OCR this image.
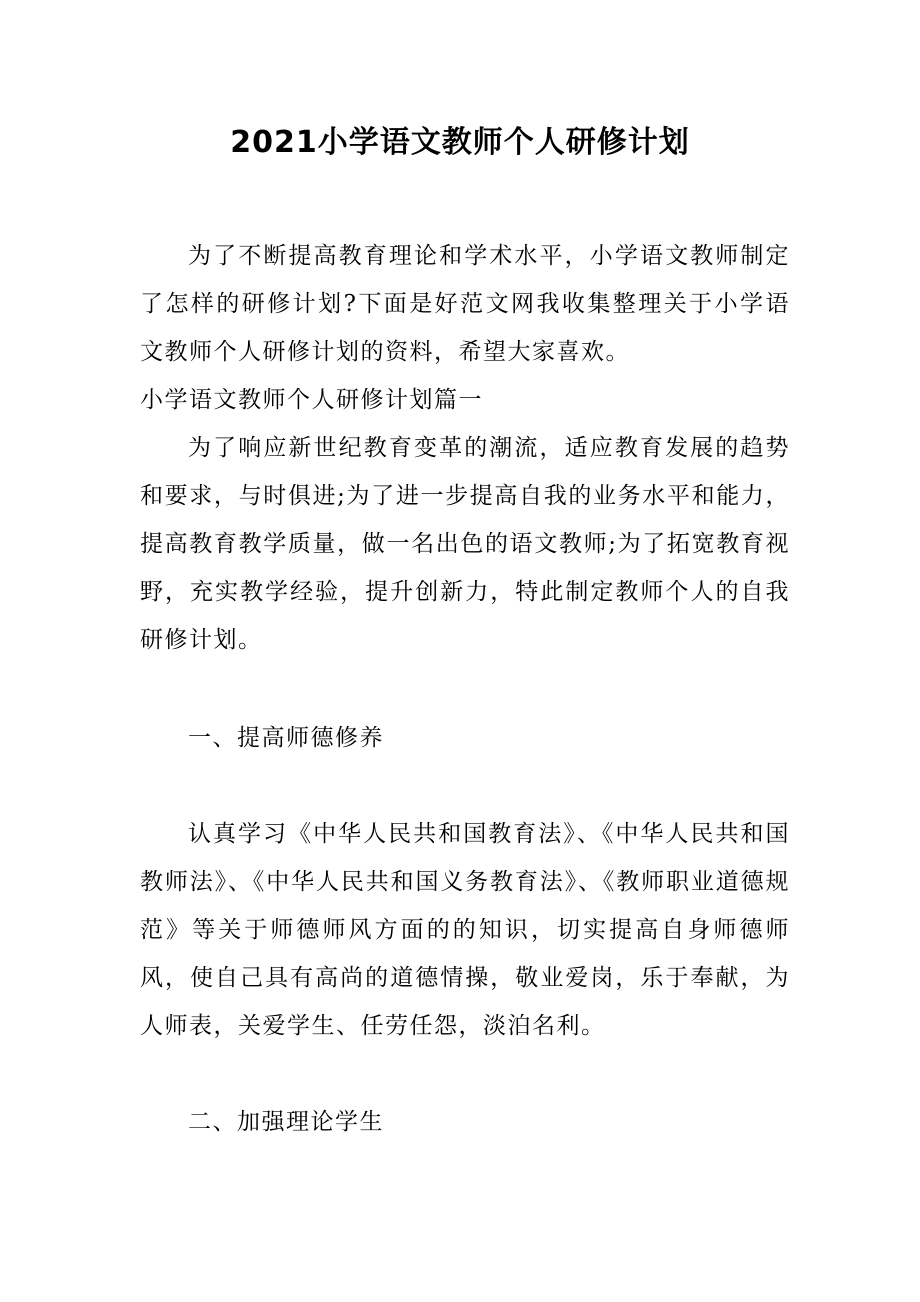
2021小学语文教师个人研修计划

为了不断提高教育理论和学术水平，小学语文教师制定了怎样的研修计划?下面是好范文网我收集整理关于小学语文教师个人研修计划的资料，希望大家喜欢。

小学语文教师个人研修计划篇一

为了响应新世纪教育变革的潮流，适应教育发展的趋势和要求，与时俱进;为了进一步提高自我的业务水平和能力，提高教育教学质量，做一名出色的语文教师;为了拓宽教育视野，充实教学经验，提升创新力，特此制定教师个人的自我研修计划。

一、提高师德修养

认真学习《中华人民共和国教育法》、《中华人民共和国教师法》、《中华人民共和国义务教育法》、《教师职业道德规范》等关于师德师风方面的的知识，切实提高自身师德师风，使自己具有高尚的道德情操，敬业爱岗，乐于奉献，为人师表，关爱学生、任劳任怨，淡泊名利。

二、加强理论学生
